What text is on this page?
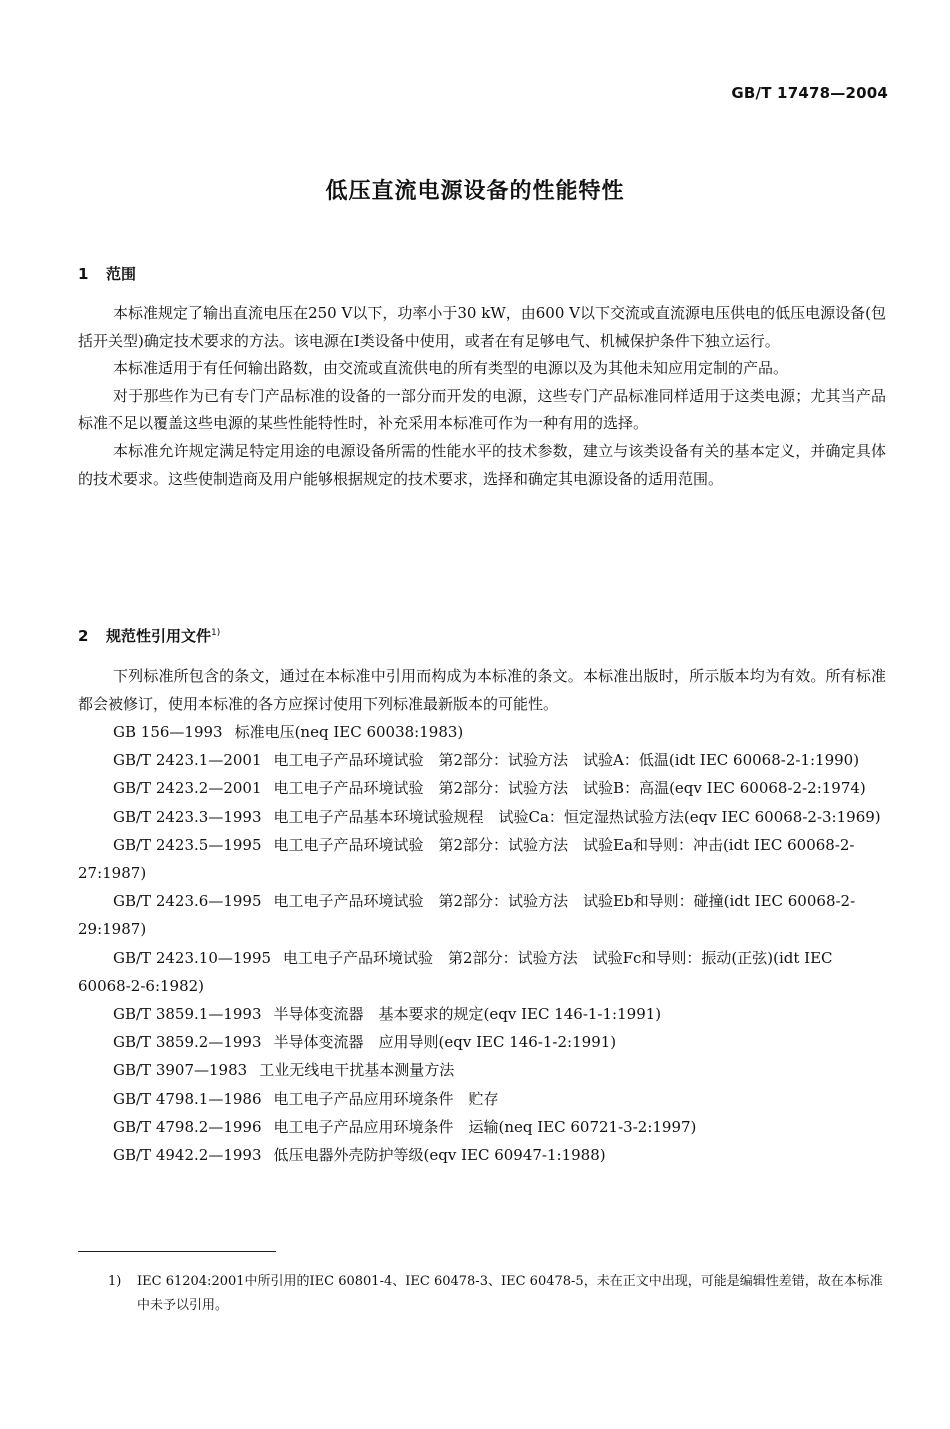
GB/T 17478—2004
低压直流电源设备的性能特性
1 范围

本标准规定了输出直流电压在250 V以下，功率小于30 kW，由600 V以下交流或直流源电压供电的低压电源设备(包括开关型)确定技术要求的方法。该电源在Ⅰ类设备中使用，或者在有足够电气、机械保护条件下独立运行。

本标准适用于有任何输出路数，由交流或直流供电的所有类型的电源以及为其他未知应用定制的产品。

对于那些作为已有专门产品标准的设备的一部分而开发的电源，这些专门产品标准同样适用于这类电源；尤其当产品标准不足以覆盖这些电源的某些性能特性时，补充采用本标准可作为一种有用的选择。

本标准允许规定满足特定用途的电源设备所需的性能水平的技术参数，建立与该类设备有关的基本定义，并确定具体的技术要求。这些使制造商及用户能够根据规定的技术要求，选择和确定其电源设备的适用范围。

2 规范性引用文件$^{1)}$

下列标准所包含的条文，通过在本标准中引用而构成为本标准的条文。本标准出版时，所示版本均为有效。所有标准都会被修订，使用本标准的各方应探讨使用下列标准最新版本的可能性。

GB 156—1993 标准电压(neq IEC 60038:1983)

GB/T 2423.1—2001 电工电子产品环境试验　第2部分：试验方法　试验A：低温(idt IEC 60068-2-1:1990)

GB/T 2423.2—2001 电工电子产品环境试验　第2部分：试验方法　试验B：高温(eqv IEC 60068-2-2:1974)

GB/T 2423.3—1993 电工电子产品基本环境试验规程　试验Ca：恒定湿热试验方法(eqv IEC 60068-2-3:1969)

GB/T 2423.5—1995 电工电子产品环境试验　第2部分：试验方法　试验Ea和导则：冲击(idt IEC 60068-2-27:1987)

GB/T 2423.6—1995 电工电子产品环境试验　第2部分：试验方法　试验Eb和导则：碰撞(idt IEC 60068-2-29:1987)

GB/T 2423.10—1995 电工电子产品环境试验　第2部分：试验方法　试验Fc和导则：振动(正弦)(idt IEC 60068-2-6:1982)

GB/T 3859.1—1993 半导体变流器　基本要求的规定(eqv IEC 146-1-1:1991)

GB/T 3859.2—1993 半导体变流器　应用导则(eqv IEC 146-1-2:1991)

GB/T 3907—1983 工业无线电干扰基本测量方法

GB/T 4798.1—1986 电工电子产品应用环境条件　贮存

GB/T 4798.2—1996 电工电子产品应用环境条件　运输(neq IEC 60721-3-2:1997)

GB/T 4942.2—1993 低压电器外壳防护等级(eqv IEC 60947-1:1988)

1)	IEC 61204:2001中所引用的IEC 60801-4、IEC 60478-3、IEC 60478-5，未在正文中出现，可能是编辑性差错，故在本标准中未予以引用。
